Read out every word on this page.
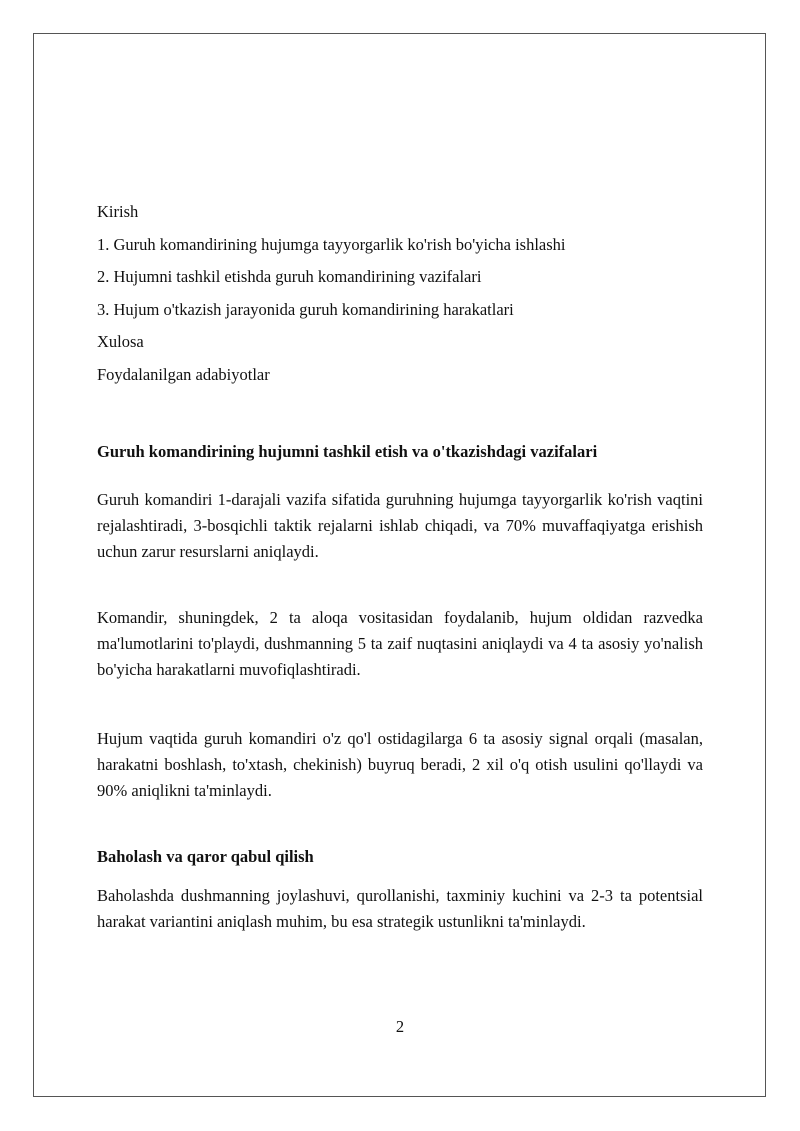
Kirish
1. Guruh komandirining hujumga tayyorgarlik ko'rish bo'yicha ishlashi
2. Hujumni tashkil etishda guruh komandirining vazifalari
3. Hujum o'tkazish jarayonida guruh komandirining harakatlari
Xulosa
Foydalanilgan adabiyotlar
Guruh komandirining hujumni tashkil etish va o'tkazishdagi vazifalari

Guruh komandiri 1-darajali vazifa sifatida guruhning hujumga tayyorgarlik ko'rish vaqtini rejalashtiradi, 3-bosqichli taktik rejalarni ishlab chiqadi, va 70% muvaffaqiyatga erishish uchun zarur resurslarni aniqlaydi.

Komandir, shuningdek, 2 ta aloqa vositasidan foydalanib, hujum oldidan razvedka ma'lumotlarini to'playdi, dushmanning 5 ta zaif nuqtasini aniqlaydi va 4 ta asosiy yo'nalish bo'yicha harakatlarni muvofiqlashtiradi.

Hujum vaqtida guruh komandiri o'z qo'l ostidagilarga 6 ta asosiy signal orqali (masalan, harakatni boshlash, to'xtash, chekinish) buyruq beradi, 2 xil o'q otish usulini qo'llaydi va 90% aniqlikni ta'minlaydi.

Baholash va qaror qabul qilish

Baholashda dushmanning joylashuvi, qurollanishi, taxminiy kuchini va 2-3 ta potentsial harakat variantini aniqlash muhim, bu esa strategik ustunlikni ta'minlaydi.

2
